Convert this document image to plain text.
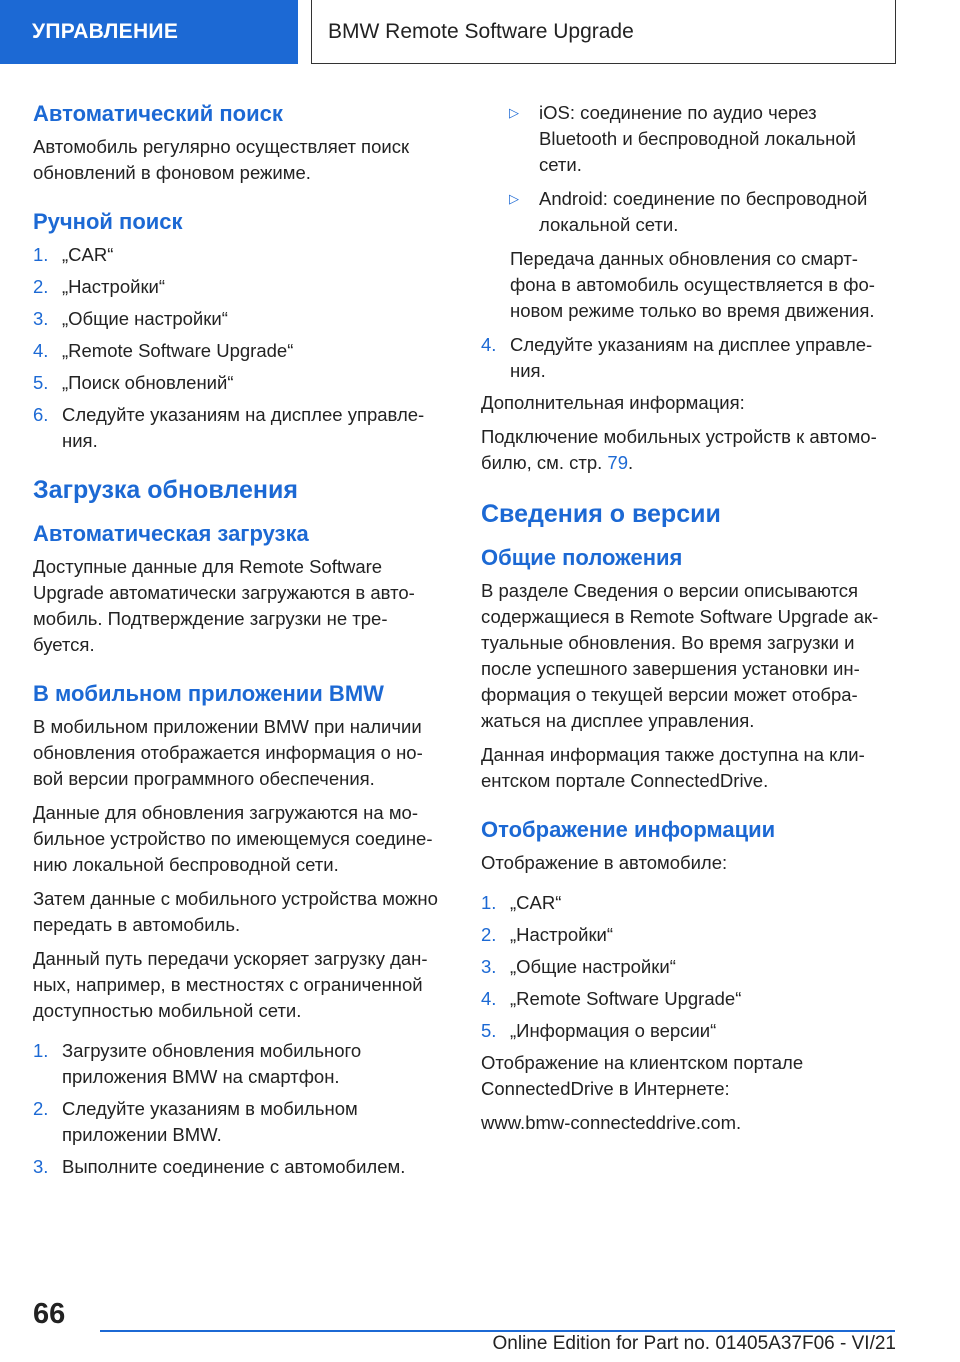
УПРАВЛЕНИЕ	BMW Remote Software Upgrade
Автоматический поиск

Автомобиль регулярно осуществляет поиск обновлений в фоновом режиме.

Ручной поиск
1. „CAR“
2. „Настройки“
3. „Общие настройки“
4. „Remote Software Upgrade“
5. „Поиск обновлений“
6. Следуйте указаниям на дисплее управле-ния.
Загрузка обновления
Автоматическая загрузка

Доступные данные для Remote Software Upgrade автоматически загружаются в авто-мобиль. Подтверждение загрузки не тре-буется.

В мобильном приложении BMW

В мобильном приложении BMW при наличии обновления отображается информация о но-вой версии программного обеспечения.

Данные для обновления загружаются на мо-бильное устройство по имеющемуся соедине-нию локальной беспроводной сети.

Затем данные с мобильного устройства можно передать в автомобиль.

Данный путь передачи ускоряет загрузку дан-ных, например, в местностях с ограниченной доступностью мобильной сети.

1. Загрузите обновления мобильного приложения BMW на смартфон.
2. Следуйте указаниям в мобильном приложении BMW.
3. Выполните соединение с автомобилем.
▷ iOS: соединение по аудио через Bluetooth и беспроводной локальной сети.
▷ Android: соединение по беспроводной локальной сети.

Передача данных обновления со смарт-фона в автомобиль осуществляется в фо-новом режиме только во время движения.

4. Следуйте указаниям на дисплее управле-ния.

Дополнительная информация:

Подключение мобильных устройств к автомо-билю, см. стр. 79.

Сведения о версии
Общие положения

В разделе Сведения о версии описываются содержащиеся в Remote Software Upgrade ак-туальные обновления. Во время загрузки и после успешного завершения установки ин-формация о текущей версии может отобра-жаться на дисплее управления.

Данная информация также доступна на кли-ентском портале ConnectedDrive.

Отображение информации

Отображение в автомобиле:

1. „CAR“
2. „Настройки“
3. „Общие настройки“
4. „Remote Software Upgrade“
5. „Информация о версии“

Отображение на клиентском портале ConnectedDrive в Интернете:

www.bmw-connecteddrive.com.

66
Online Edition for Part no. 01405A37F06 - VI/21
